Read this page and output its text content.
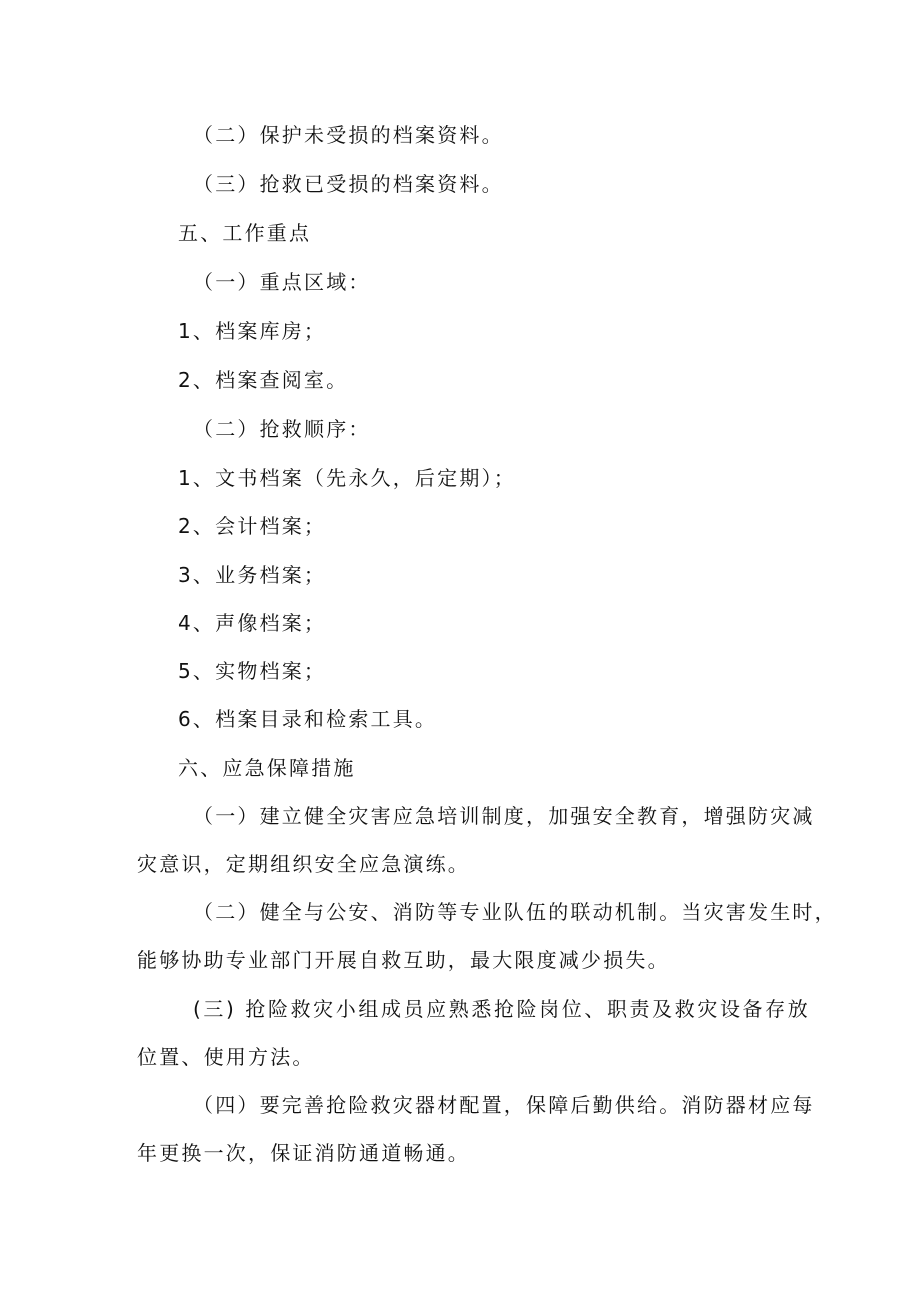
（二）保护未受损的档案资料。
（三）抢救已受损的档案资料。
五、工作重点
（一）重点区域：
1、档案库房；
2、档案查阅室。
（二）抢救顺序：
1、文书档案（先永久，后定期）；
2、会计档案；
3、业务档案；
4、声像档案；
5、实物档案；
6、档案目录和检索工具。
六、应急保障措施
（一）建立健全灾害应急培训制度，加强安全教育，增强防灾减
灾意识，定期组织安全应急演练。
（二）健全与公安、消防等专业队伍的联动机制。当灾害发生时，
能够协助专业部门开展自救互助，最大限度减少损失。
(三) 抢险救灾小组成员应熟悉抢险岗位、职责及救灾设备存放
位置、使用方法。
（四）要完善抢险救灾器材配置，保障后勤供给。消防器材应每
年更换一次，保证消防通道畅通。
